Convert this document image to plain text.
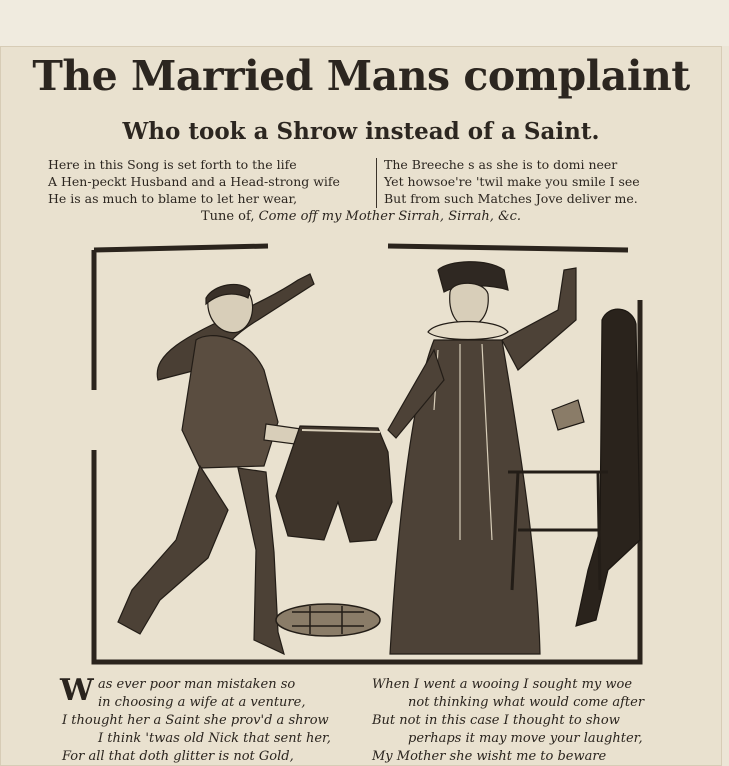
The Married Mans complaint
Who took a Shrow instead of a Saint.
Here in this Song is set forth to the life
A Hen-peckt Husband and a Head-strong wife
He is as much to blame to let her wear,
The Breeche s as she is to domi neer
Yet howsoe're 'twil make you smile I see
But from such Matches Jove deliver me.
Tune of, Come off my Mother Sirrah, Sirrah, &c.
W as ever poor man mistaken so
in choosing a wife at a venture,
I thought her a Saint she prov'd a shrow
I think 'twas old Nick that sent her,
For all that doth glitter is not Gold,
When I went a wooing I sought my woe
not thinking what would come after
But not in this case I thought to show
perhaps it may move your laughter,
My Mother she wisht me to beware
